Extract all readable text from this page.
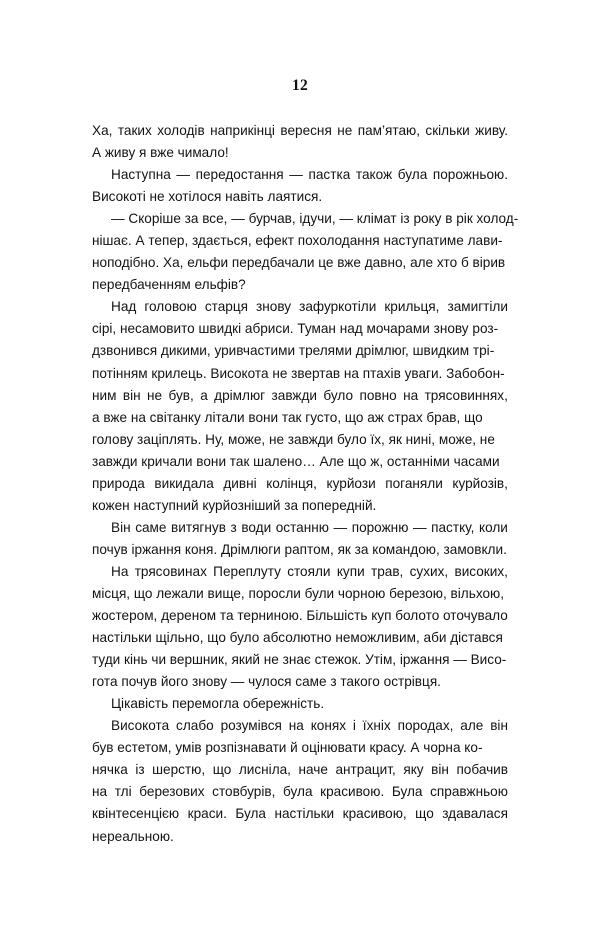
12

Ха, таких холодів наприкінці вересня не пам’ятаю, скільки живу.
А живу я вже чимало!

Наступна — передостання — пастка також була порожньою.
Високоті не хотілося навіть лаятися.

— Скоріше за все, — бурчав, ідучи, — клімат із року в рік холод-
нішає. А тепер, здається, ефект похолодання наступатиме лави-
ноподібно. Ха, ельфи передбачали це вже давно, але хто б вірив
передбаченням ельфів?

Над головою старця знову зафуркотіли крильця, замигтіли
сірі, несамовито швидкі абриси. Туман над мочарами знову роз-
дзвонився дикими, уривчастими трелями дрімлюг, швидким трі-
потінням крилець. Високота не звертав на птахів уваги. Забобон-
ним він не був, а дрімлюг завжди було повно на трясовиннях,
а вже на світанку літали вони так густо, що аж страх брав, що
голову заціплять. Ну, може, не завжди було їх, як нині, може, не
завжди кричали вони так шалено… Але що ж, останніми часами
природа викидала дивні колінця, курйози поганяли курйозів,
кожен наступний курйозніший за попередній.

Він саме витягнув з води останню — порожню — пастку, коли
почув іржання коня. Дрімлюги раптом, як за командою, замовкли.

На трясовинах Переплуту стояли купи трав, сухих, високих,
місця, що лежали вище, поросли були чорною березою, вільхою,
жостером, дереном та терниною. Більшість куп болото оточувало
настільки щільно, що було абсолютно неможливим, аби дістався
туди кінь чи вершник, який не знає стежок. Утім, іржання — Висо-
гота почув його знову — чулося саме з такого острівця.

Цікавість перемогла обережність.

Високота слабо розумівся на конях і їхніх породах, але він
був естетом, умів розпізнавати й оцінювати красу. А чорна ко-
нячка із шерстю, що лисніла, наче антрацит, яку він побачив
на тлі березових стовбурів, була красивою. Була справжньою
квінтесенцією краси. Була настільки красивою, що здавалася
нереальною.
